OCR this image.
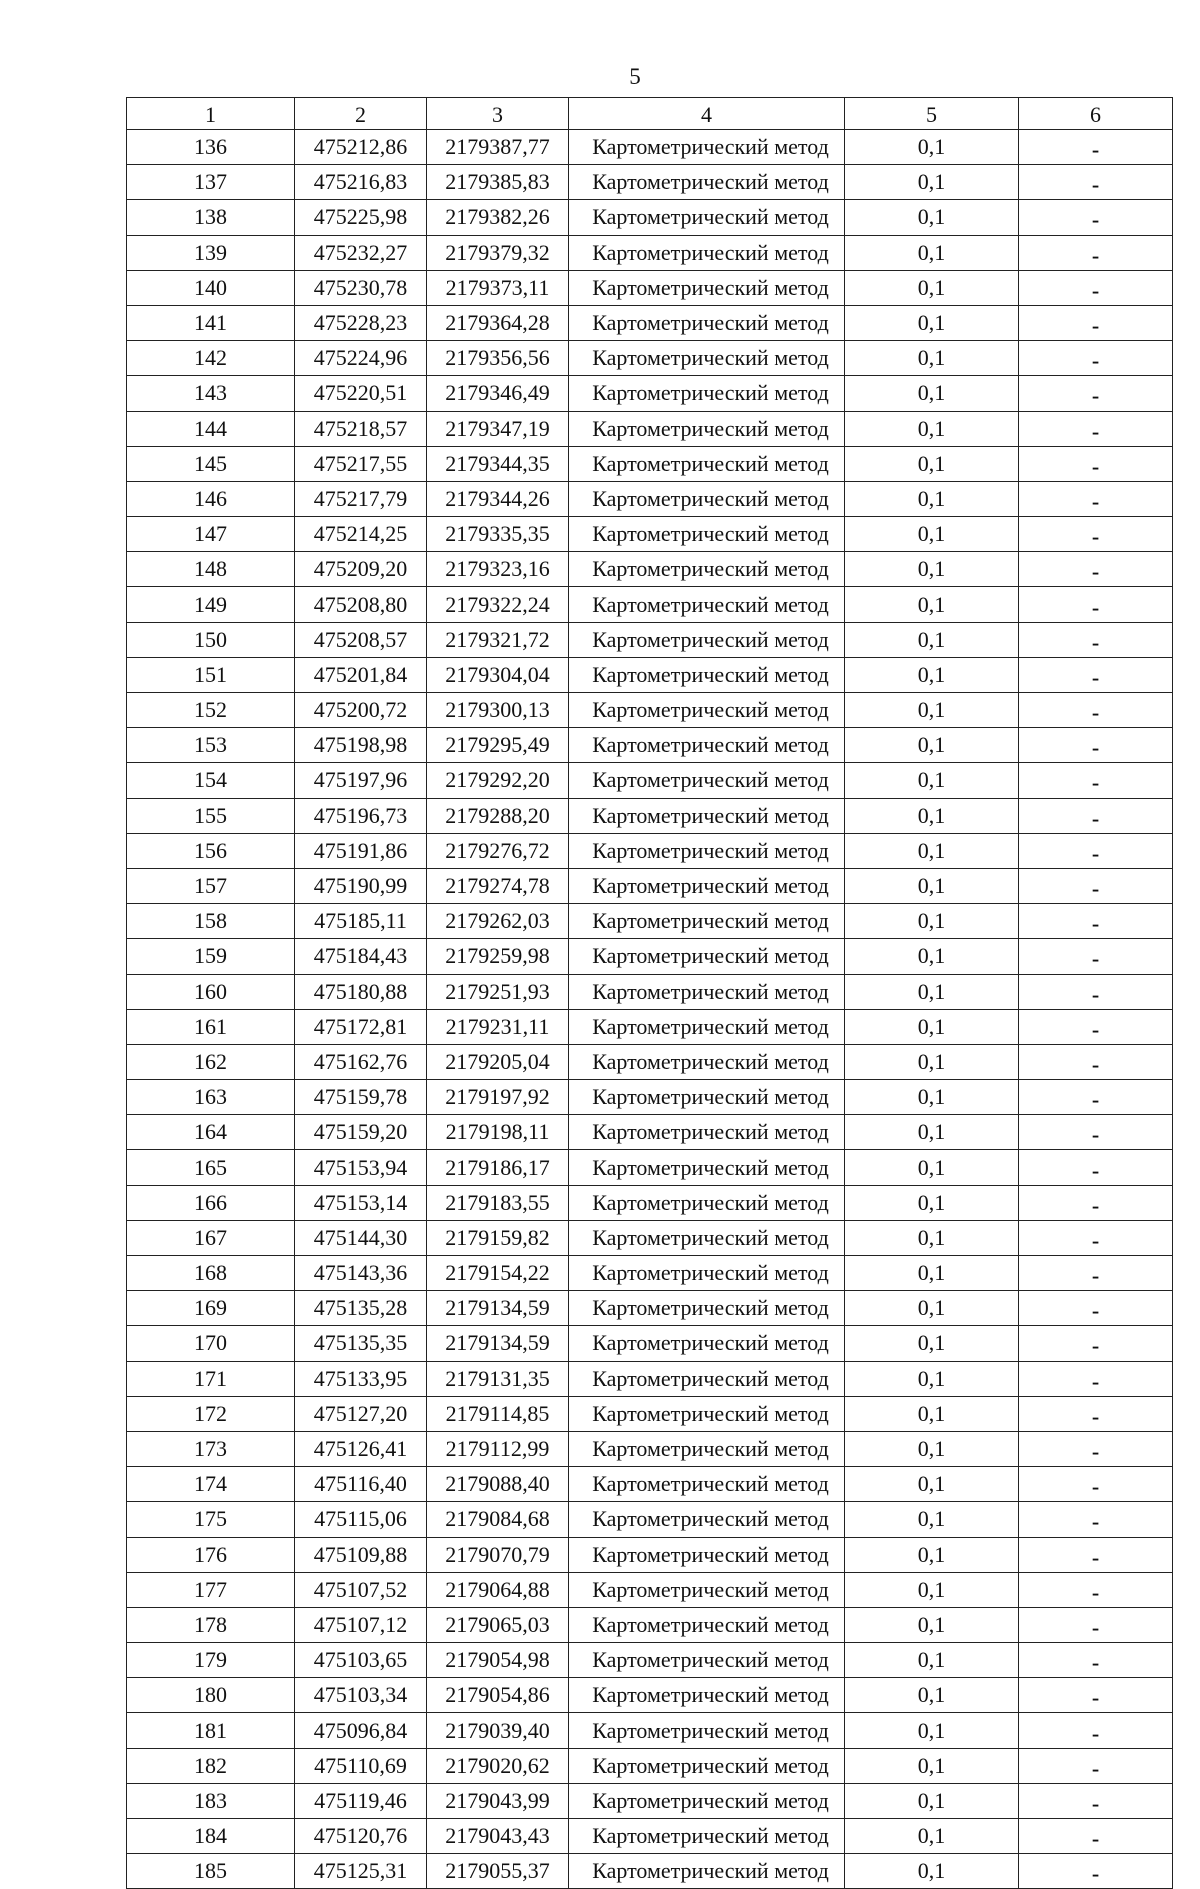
5
1	2	3	4	5	6
136	475212,86	2179387,77	Картометрический метод	0,1	-
137	475216,83	2179385,83	Картометрический метод	0,1	-
138	475225,98	2179382,26	Картометрический метод	0,1	-
139	475232,27	2179379,32	Картометрический метод	0,1	-
140	475230,78	2179373,11	Картометрический метод	0,1	-
141	475228,23	2179364,28	Картометрический метод	0,1	-
142	475224,96	2179356,56	Картометрический метод	0,1	-
143	475220,51	2179346,49	Картометрический метод	0,1	-
144	475218,57	2179347,19	Картометрический метод	0,1	-
145	475217,55	2179344,35	Картометрический метод	0,1	-
146	475217,79	2179344,26	Картометрический метод	0,1	-
147	475214,25	2179335,35	Картометрический метод	0,1	-
148	475209,20	2179323,16	Картометрический метод	0,1	-
149	475208,80	2179322,24	Картометрический метод	0,1	-
150	475208,57	2179321,72	Картометрический метод	0,1	-
151	475201,84	2179304,04	Картометрический метод	0,1	-
152	475200,72	2179300,13	Картометрический метод	0,1	-
153	475198,98	2179295,49	Картометрический метод	0,1	-
154	475197,96	2179292,20	Картометрический метод	0,1	-
155	475196,73	2179288,20	Картометрический метод	0,1	-
156	475191,86	2179276,72	Картометрический метод	0,1	-
157	475190,99	2179274,78	Картометрический метод	0,1	-
158	475185,11	2179262,03	Картометрический метод	0,1	-
159	475184,43	2179259,98	Картометрический метод	0,1	-
160	475180,88	2179251,93	Картометрический метод	0,1	-
161	475172,81	2179231,11	Картометрический метод	0,1	-
162	475162,76	2179205,04	Картометрический метод	0,1	-
163	475159,78	2179197,92	Картометрический метод	0,1	-
164	475159,20	2179198,11	Картометрический метод	0,1	-
165	475153,94	2179186,17	Картометрический метод	0,1	-
166	475153,14	2179183,55	Картометрический метод	0,1	-
167	475144,30	2179159,82	Картометрический метод	0,1	-
168	475143,36	2179154,22	Картометрический метод	0,1	-
169	475135,28	2179134,59	Картометрический метод	0,1	-
170	475135,35	2179134,59	Картометрический метод	0,1	-
171	475133,95	2179131,35	Картометрический метод	0,1	-
172	475127,20	2179114,85	Картометрический метод	0,1	-
173	475126,41	2179112,99	Картометрический метод	0,1	-
174	475116,40	2179088,40	Картометрический метод	0,1	-
175	475115,06	2179084,68	Картометрический метод	0,1	-
176	475109,88	2179070,79	Картометрический метод	0,1	-
177	475107,52	2179064,88	Картометрический метод	0,1	-
178	475107,12	2179065,03	Картометрический метод	0,1	-
179	475103,65	2179054,98	Картометрический метод	0,1	-
180	475103,34	2179054,86	Картометрический метод	0,1	-
181	475096,84	2179039,40	Картометрический метод	0,1	-
182	475110,69	2179020,62	Картометрический метод	0,1	-
183	475119,46	2179043,99	Картометрический метод	0,1	-
184	475120,76	2179043,43	Картометрический метод	0,1	-
185	475125,31	2179055,37	Картометрический метод	0,1	-
